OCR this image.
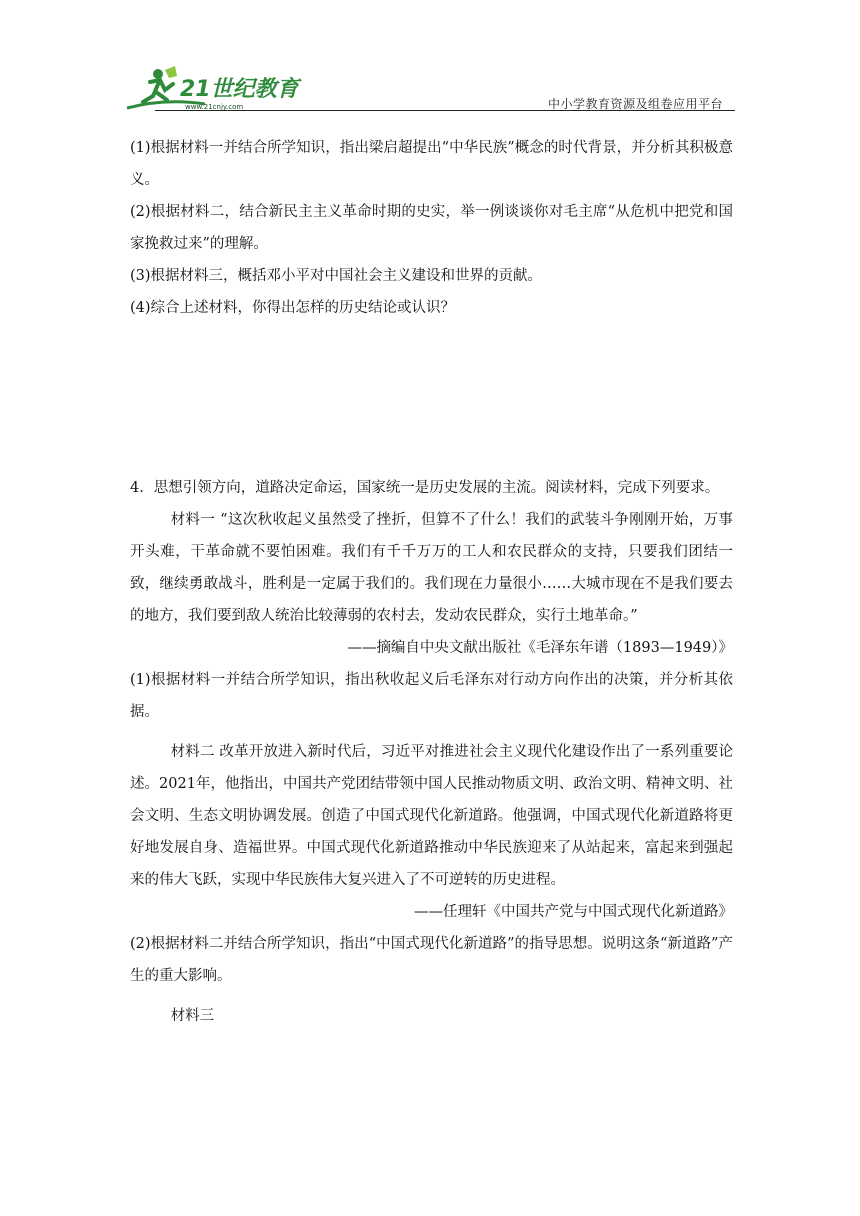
21世纪教育
www.21cnjy.com	中小学教育资源及组卷应用平台

(1)根据材料一并结合所学知识，指出梁启超提出“中华民族”概念的时代背景，并分析其积极意义。

(2)根据材料二，结合新民主主义革命时期的史实，举一例谈谈你对毛主席“从危机中把党和国家挽救过来”的理解。

(3)根据材料三，概括邓小平对中国社会主义建设和世界的贡献。

(4)综合上述材料，你得出怎样的历史结论或认识？

4．思想引领方向，道路决定命运，国家统一是历史发展的主流。阅读材料，完成下列要求。

材料一 “这次秋收起义虽然受了挫折，但算不了什么！我们的武装斗争刚刚开始，万事开头难，干革命就不要怕困难。我们有千千万万的工人和农民群众的支持，只要我们团结一致，继续勇敢战斗，胜利是一定属于我们的。我们现在力量很小……大城市现在不是我们要去的地方，我们要到敌人统治比较薄弱的农村去，发动农民群众，实行土地革命。”

——摘编自中央文献出版社《毛泽东年谱（1893—1949）》

(1)根据材料一并结合所学知识，指出秋收起义后毛泽东对行动方向作出的决策，并分析其依据。

材料二 改革开放进入新时代后，习近平对推进社会主义现代化建设作出了一系列重要论述。2021年，他指出，中国共产党团结带领中国人民推动物质文明、政治文明、精神文明、社会文明、生态文明协调发展。创造了中国式现代化新道路。他强调，中国式现代化新道路将更好地发展自身、造福世界。中国式现代化新道路推动中华民族迎来了从站起来，富起来到强起来的伟大飞跃，实现中华民族伟大复兴进入了不可逆转的历史进程。

——任理轩《中国共产党与中国式现代化新道路》

(2)根据材料二并结合所学知识，指出“中国式现代化新道路”的指导思想。说明这条“新道路”产生的重大影响。

材料三
